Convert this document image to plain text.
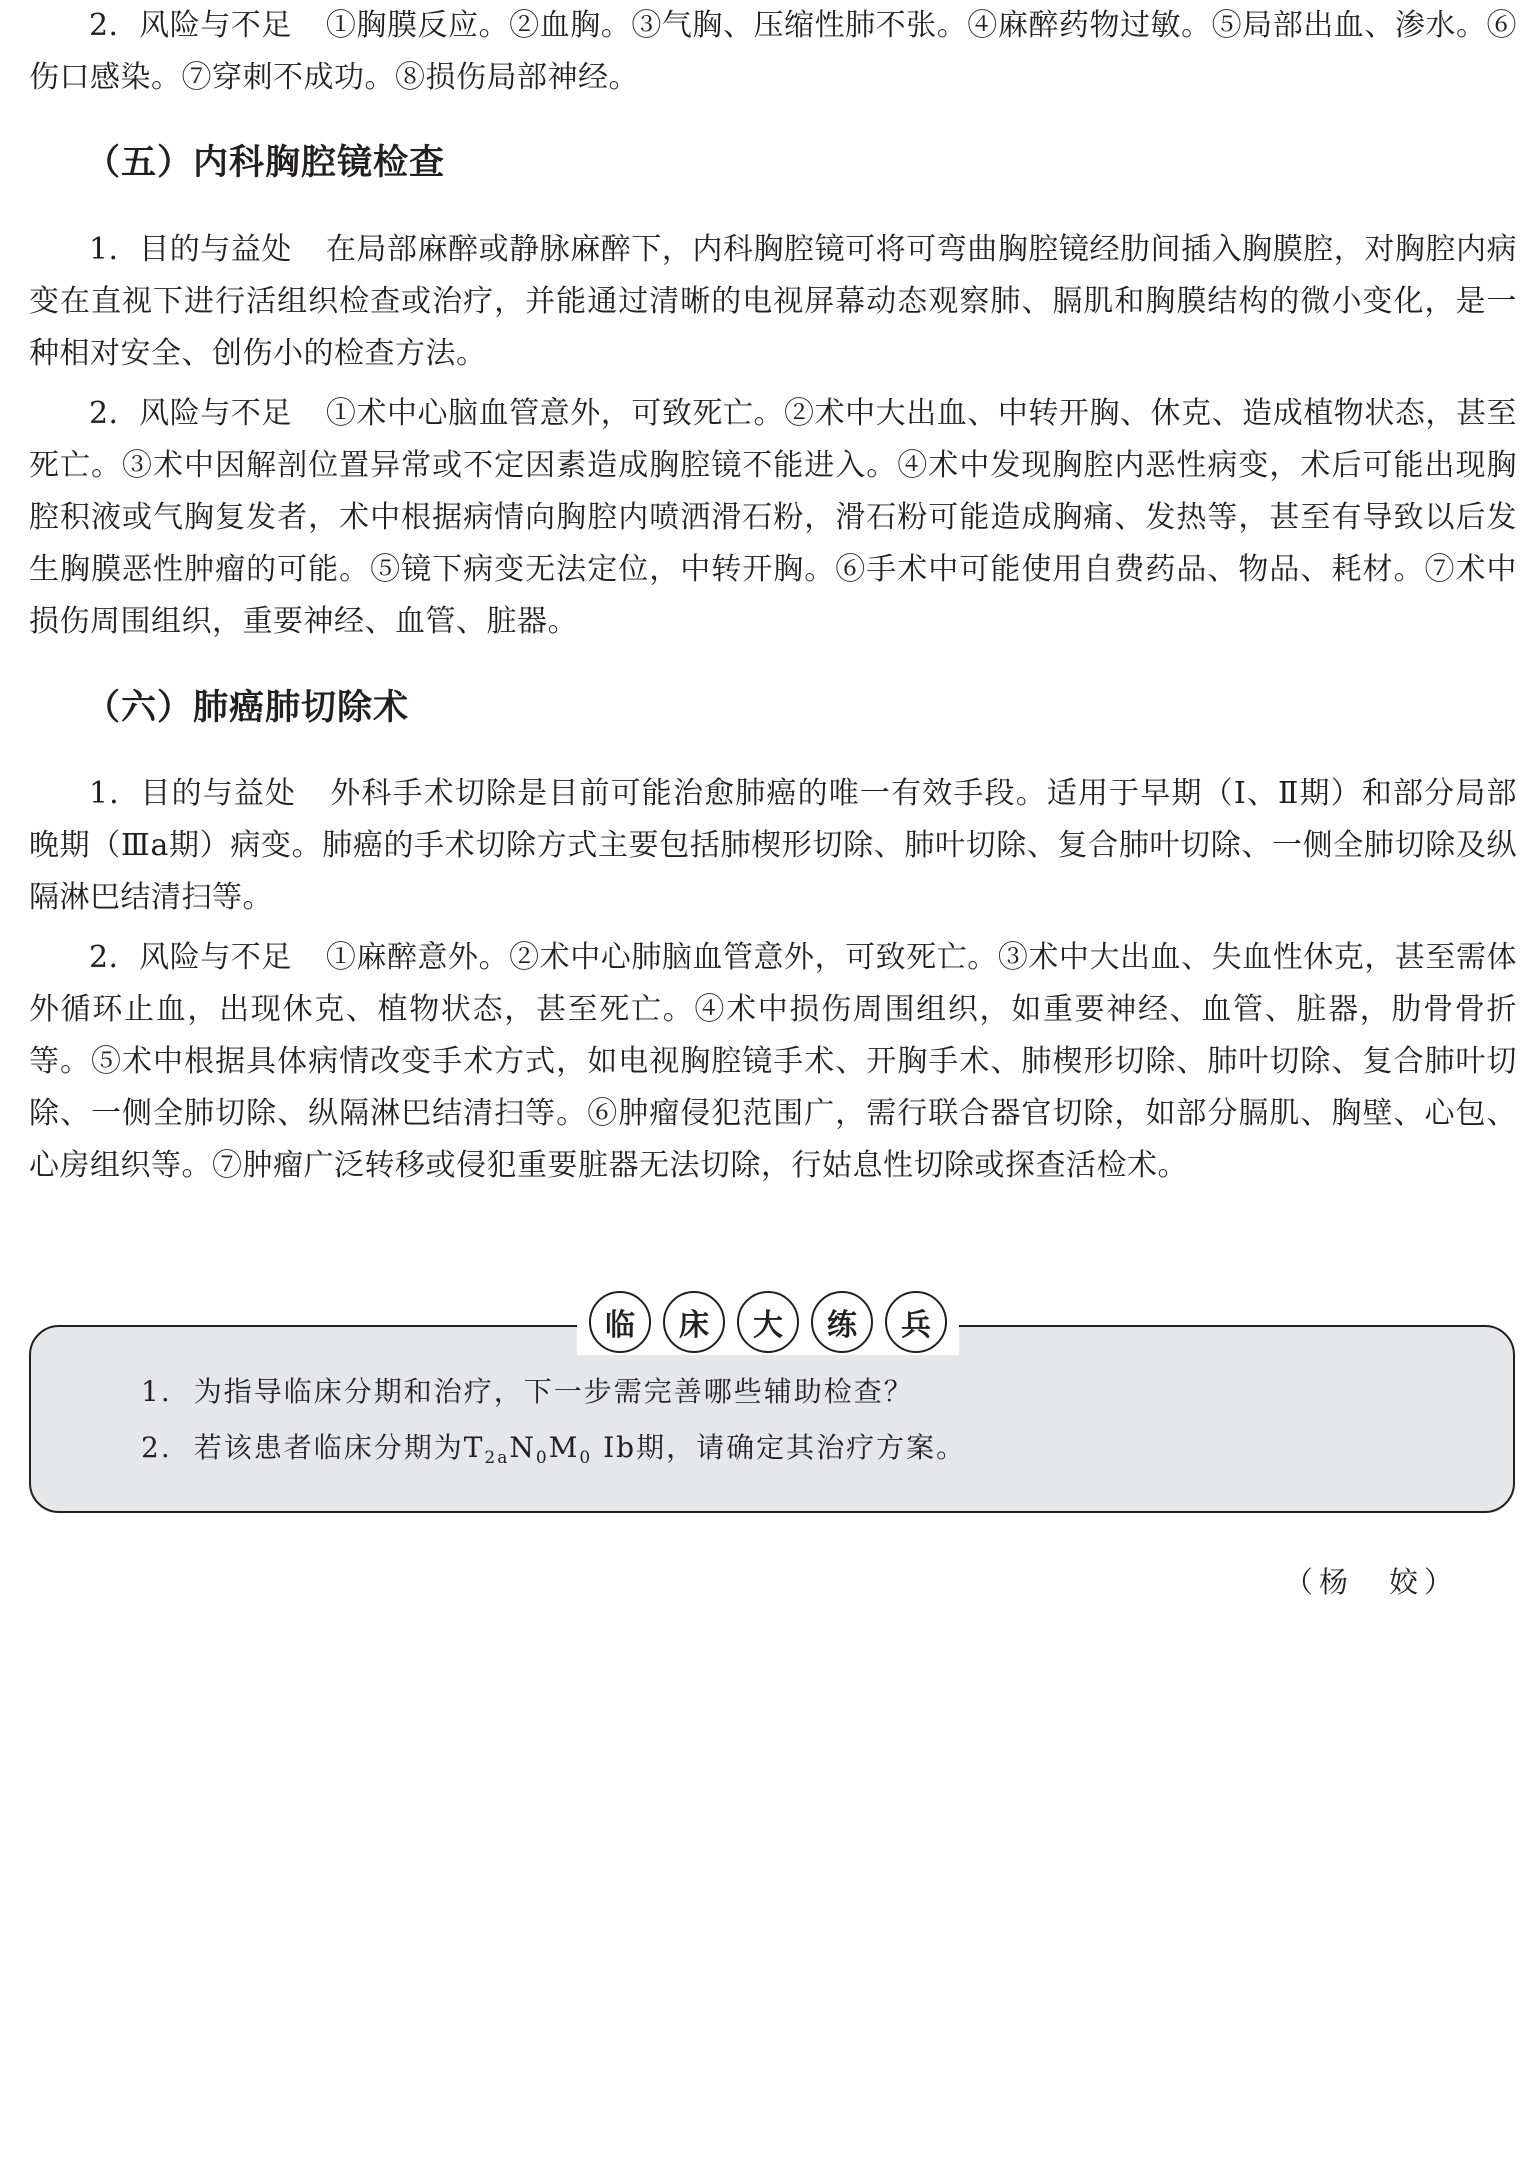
2．风险与不足 ①胸膜反应。②血胸。③气胸、压缩性肺不张。④麻醉药物过敏。⑤局部出血、渗水。⑥伤口感染。⑦穿刺不成功。⑧损伤局部神经。

（五）内科胸腔镜检查

1．目的与益处 在局部麻醉或静脉麻醉下，内科胸腔镜可将可弯曲胸腔镜经肋间插入胸膜腔，对胸腔内病变在直视下进行活组织检查或治疗，并能通过清晰的电视屏幕动态观察肺、膈肌和胸膜结构的微小变化，是一种相对安全、创伤小的检查方法。

2．风险与不足 ①术中心脑血管意外，可致死亡。②术中大出血、中转开胸、休克、造成植物状态，甚至死亡。③术中因解剖位置异常或不定因素造成胸腔镜不能进入。④术中发现胸腔内恶性病变，术后可能出现胸腔积液或气胸复发者，术中根据病情向胸腔内喷洒滑石粉，滑石粉可能造成胸痛、发热等，甚至有导致以后发生胸膜恶性肿瘤的可能。⑤镜下病变无法定位，中转开胸。⑥手术中可能使用自费药品、物品、耗材。⑦术中损伤周围组织，重要神经、血管、脏器。

（六）肺癌肺切除术

1．目的与益处 外科手术切除是目前可能治愈肺癌的唯一有效手段。适用于早期（Ⅰ、Ⅱ期）和部分局部晚期（Ⅲa期）病变。肺癌的手术切除方式主要包括肺楔形切除、肺叶切除、复合肺叶切除、一侧全肺切除及纵隔淋巴结清扫等。

2．风险与不足 ①麻醉意外。②术中心肺脑血管意外，可致死亡。③术中大出血、失血性休克，甚至需体外循环止血，出现休克、植物状态，甚至死亡。④术中损伤周围组织，如重要神经、血管、脏器，肋骨骨折等。⑤术中根据具体病情改变手术方式，如电视胸腔镜手术、开胸手术、肺楔形切除、肺叶切除、复合肺叶切除、一侧全肺切除、纵隔淋巴结清扫等。⑥肿瘤侵犯范围广，需行联合器官切除，如部分膈肌、胸壁、心包、心房组织等。⑦肿瘤广泛转移或侵犯重要脏器无法切除，行姑息性切除或探查活检术。

临	床	大	练	兵

1. 为指导临床分期和治疗，下一步需完善哪些辅助检查？

2. 若该患者临床分期为$T_{2a}N_0M_0$ Ⅰb期，请确定其治疗方案。

（杨　姣）
